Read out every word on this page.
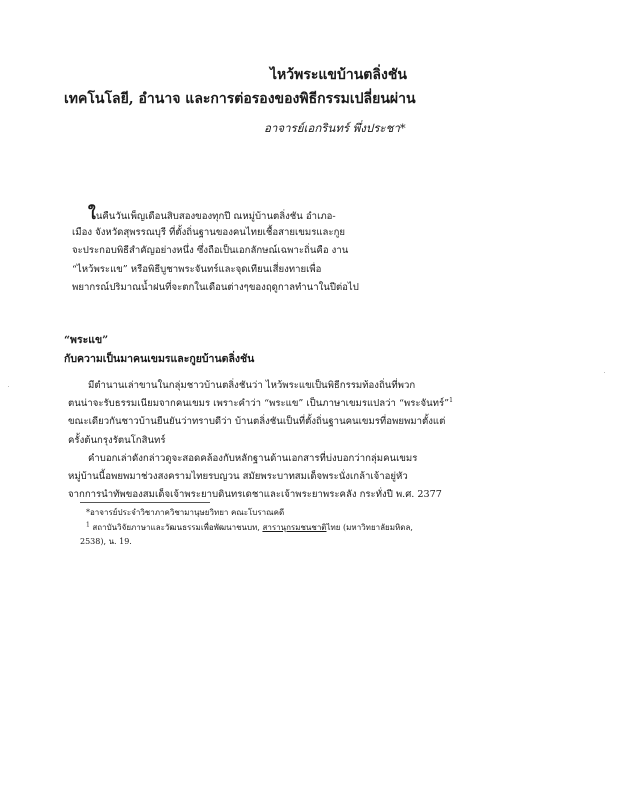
ไหว้พระแขบ้านตลิ่งชัน
เทคโนโลยี, อำนาจ และการต่อรองของพิธีกรรมเปลี่ยนผ่าน
อาจารย์เอกรินทร์ พึ่งประชา*
ในคืนวันเพ็ญเดือนสิบสองของทุกปี ณหมู่บ้านตลิ่งชัน อำเภอ-
เมือง จังหวัดสุพรรณบุรี ที่ตั้งถิ่นฐานของคนไทยเชื้อสายเขมรและกูย
จะประกอบพิธีสำคัญอย่างหนึ่ง ซึ่งถือเป็นเอกลักษณ์เฉพาะถิ่นคือ งาน
“ไหว้พระแข” หรือพิธีบูชาพระจันทร์และจุดเทียนเสี่ยงทายเพื่อ
พยากรณ์ปริมาณน้ำฝนที่จะตกในเดือนต่างๆของฤดูกาลทำนาในปีต่อไป
“พระแข”
กับความเป็นมาคนเขมรและกูยบ้านตลิ่งชัน
มีตำนานเล่าขานในกลุ่มชาวบ้านตลิ่งชันว่า ไหว้พระแขเป็นพิธีกรรมท้องถิ่นที่พวก
ตนน่าจะรับธรรมเนียมจากคนเขมร เพราะคำว่า “พระแข” เป็นภาษาเขมรแปลว่า “พระจันทร์”$^1$
ขณะเดียวกันชาวบ้านยืนยันว่าทราบดีว่า บ้านตลิ่งชันเป็นที่ตั้งถิ่นฐานคนเขมรที่อพยพมาตั้งแต่
ครั้งต้นกรุงรัตนโกสินทร์
คำบอกเล่าดังกล่าวดูจะสอดคล้องกับหลักฐานด้านเอกสารที่บ่งบอกว่ากลุ่มคนเขมร
หมู่บ้านนี้อพยพมาช่วงสงครามไทยรบญวน สมัยพระบาทสมเด็จพระนั่งเกล้าเจ้าอยู่หัว
จากการนำทัพของสมเด็จเจ้าพระยาบดินทรเดชาและเจ้าพระยาพระคลัง กระทั่งปี พ.ศ. 2377
*อาจารย์ประจำวิชาภาควิชามานุษยวิทยา คณะโบราณคดี
$^1$ สถาบันวิจัยภาษาและวัฒนธรรมเพื่อพัฒนาชนบท, สารานุกรมชนชาติไทย (มหาวิทยาลัยมหิดล,
2538), น. 19.
